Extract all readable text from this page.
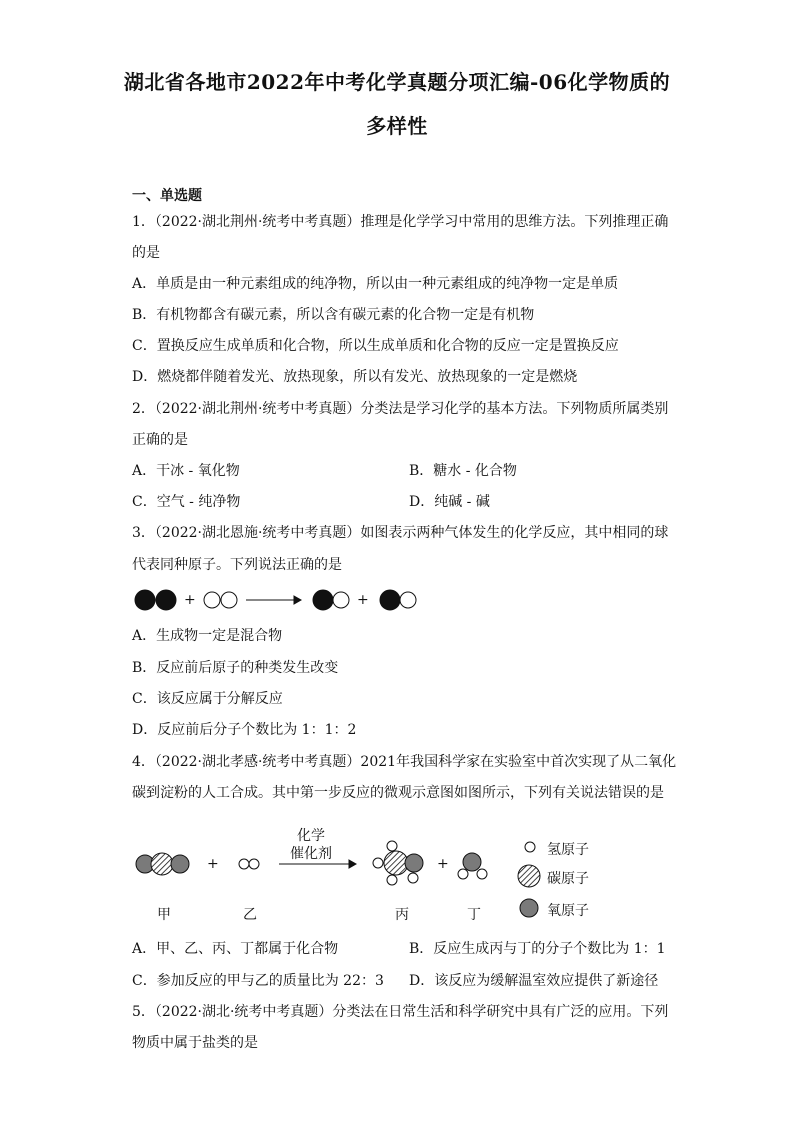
湖北省各地市2022年中考化学真题分项汇编-06化学物质的
多样性
一、单选题
1．（2022·湖北荆州·统考中考真题）推理是化学学习中常用的思维方法。下列推理正确
的是
A．单质是由一种元素组成的纯净物，所以由一种元素组成的纯净物一定是单质
B．有机物都含有碳元素，所以含有碳元素的化合物一定是有机物
C．置换反应生成单质和化合物，所以生成单质和化合物的反应一定是置换反应
D．燃烧都伴随着发光、放热现象，所以有发光、放热现象的一定是燃烧
2．（2022·湖北荆州·统考中考真题）分类法是学习化学的基本方法。下列物质所属类别
正确的是
A．干冰 - 氧化物	B．糖水 - 化合物
C．空气 - 纯净物	D．纯碱 - 碱
3．（2022·湖北恩施·统考中考真题）如图表示两种气体发生的化学反应，其中相同的球
代表同种原子。下列说法正确的是
+	+
A．生成物一定是混合物
B．反应前后原子的种类发生改变
C．该反应属于分解反应
D．反应前后分子个数比为 1：1：2
4．（2022·湖北孝感·统考中考真题）2021年我国科学家在实验室中首次实现了从二氧化
碳到淀粉的人工合成。其中第一步反应的微观示意图如图所示，下列有关说法错误的是
+	+
化学
催化剂	氢原子
碳原子
氧原子
甲	乙	丙	丁
A．甲、乙、丙、丁都属于化合物	B．反应生成丙与丁的分子个数比为 1：1
C．参加反应的甲与乙的质量比为 22：3 D．该反应为缓解温室效应提供了新途径
5．（2022·湖北·统考中考真题）分类法在日常生活和科学研究中具有广泛的应用。下列
物质中属于盐类的是
